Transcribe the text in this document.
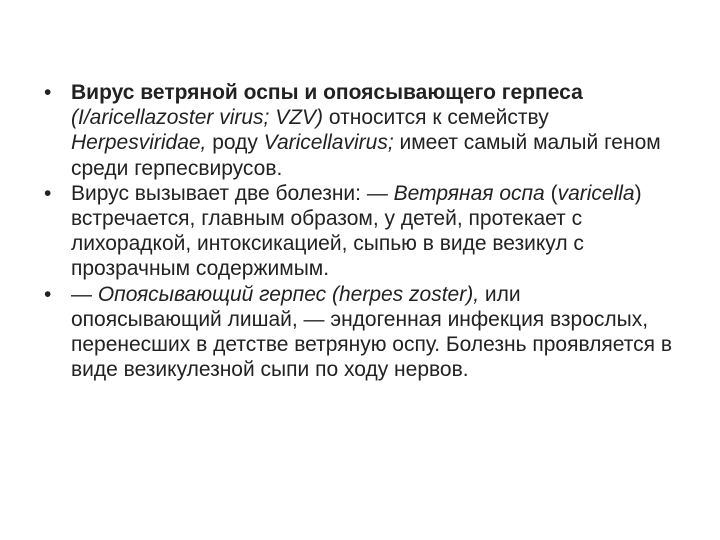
• Вирус ветряной оспы и опоясывающего герпеса (I/aricellazoster virus; VZV) относится к семейству Herpesviridae, роду Varicellavirus; имеет самый малый геном среди герпесвирусов.

• Вирус вызывает две болезни: — Ветряная оспа (varicella) встречается, главным образом, у детей, протекает с лихорадкой, интоксикацией, сыпью в виде везикул с прозрачным содержимым.

• — Опоясывающий герпес (herpes zoster), или опоясывающий лишай, — эндогенная инфекция взрослых, перенесших в детстве ветряную оспу. Болезнь проявляется в виде везикулезной сыпи по ходу нервов.
